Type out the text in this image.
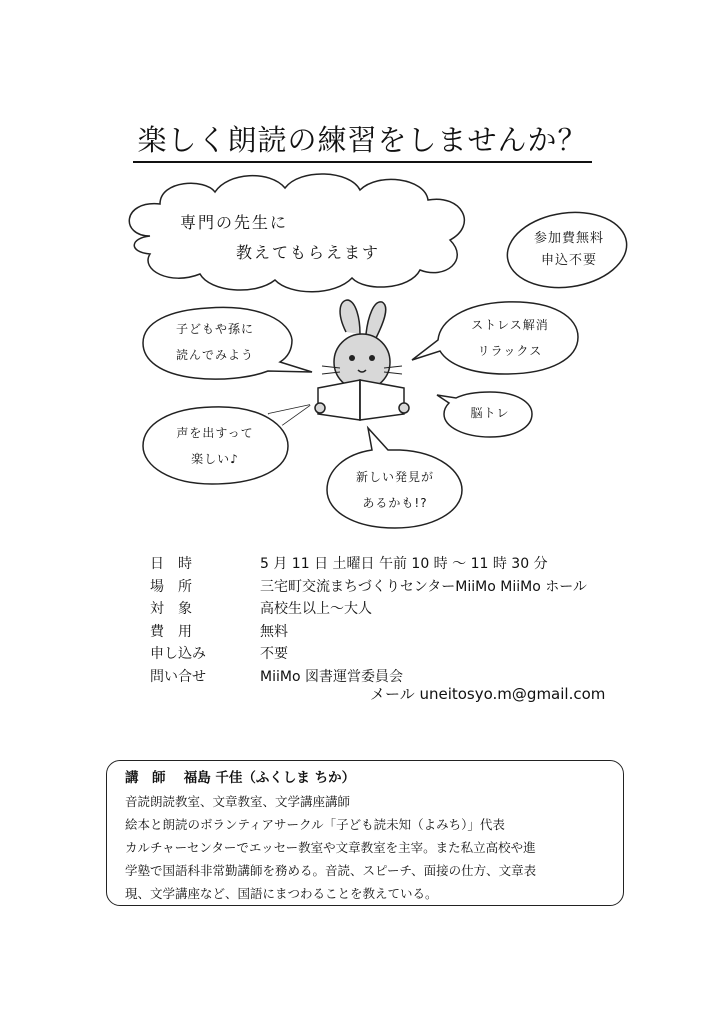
楽しく朗読の練習をしませんか？
専門の先生に
教えてもらえます
参加費無料
申込不要
子どもや孫に
読んでみよう
ストレス解消
リラックス
声を出すって
楽しい♪
脳トレ
新しい発見が
あるかも!?
日　時	5 月 11 日 土曜日 午前 10 時 ～ 11 時 30 分
場　所	三宅町交流まちづくりセンターMiiMo MiiMo ホール
対　象	高校生以上～大人
費　用	無料
申し込み	不要
問い合せ	MiiMo 図書運営委員会
メール uneitosyo.m@gmail.com
講　師　 福島 千佳（ふくしま ちか）
音読朗読教室、文章教室、文学講座講師
絵本と朗読のボランティアサークル「子ども読未知（よみち）」代表
カルチャーセンターでエッセー教室や文章教室を主宰。また私立高校や進
学塾で国語科非常勤講師を務める。音読、スピーチ、面接の仕方、文章表
現、文学講座など、国語にまつわることを教えている。
